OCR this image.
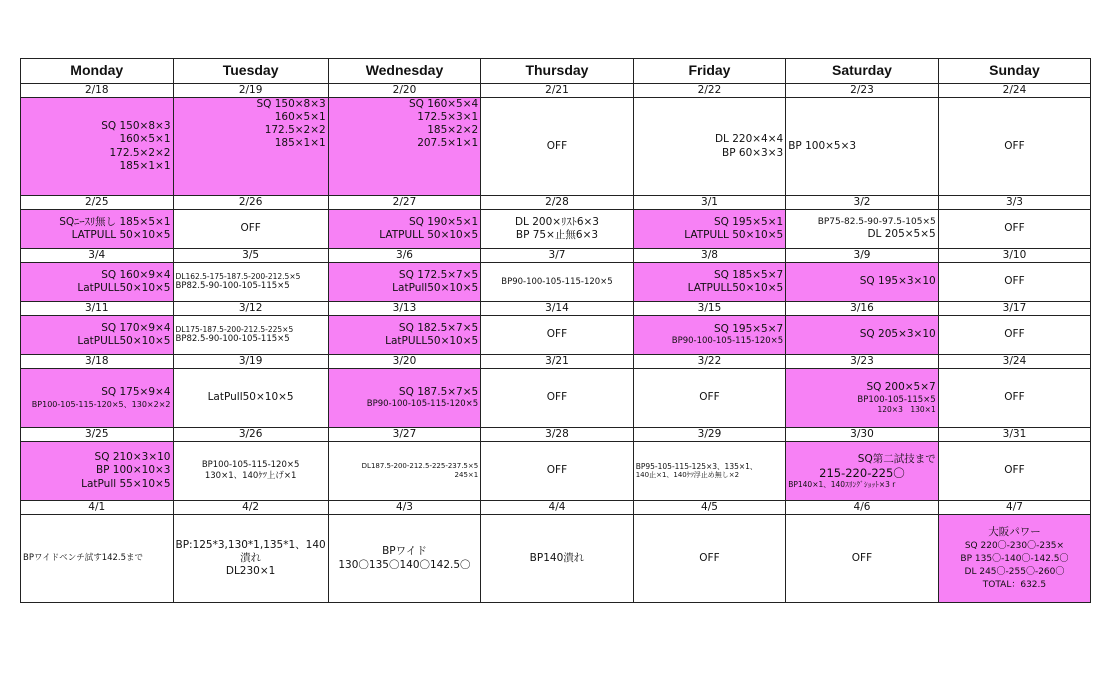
Monday	Tuesday	Wednesday	Thursday	Friday	Saturday	Sunday
2/18	2/19	2/20	2/21	2/22	2/23	2/24

SQ 150×8×3
160×5×1
172.5×2×2
185×1×1	SQ 150×8×3
160×5×1
172.5×2×2
185×1×1	SQ 160×5×4
172.5×3×1
185×2×2
207.5×1×1	OFF	DL 220×4×4
BP 60×3×3	BP 100×5×3	OFF

2/25	2/26	2/27	2/28	3/1	3/2	3/3

SQﾆｰｽﾘ無し 185×5×1
LATPULL 50×10×5	OFF	SQ 190×5×1
LATPULL 50×10×5	DL 200×ﾘｽﾄ6×3
BP 75×止無6×3	SQ 195×5×1
LATPULL 50×10×5	BP75-82.5-90-97.5-105×5
DL 205×5×5	OFF

3/4	3/5	3/6	3/7	3/8	3/9	3/10

SQ 160×9×4
LatPULL50×10×5	DL162.5-175-187.5-200-212.5×5
BP82.5-90-100-105-115×5	SQ 172.5×7×5
LatPull50×10×5	BP90-100-105-115-120×5	SQ 185×5×7
LATPULL50×10×5	SQ 195×3×10	OFF

3/11	3/12	3/13	3/14	3/15	3/16	3/17

SQ 170×9×4
LatPULL50×10×5	DL175-187.5-200-212.5-225×5
BP82.5-90-100-105-115×5	SQ 182.5×7×5
LatPULL50×10×5	OFF	SQ 195×5×7
BP90-100-105-115-120×5	SQ 205×3×10	OFF

3/18	3/19	3/20	3/21	3/22	3/23	3/24

SQ 175×9×4
BP100-105-115-120×5、130×2×2	LatPull50×10×5	SQ 187.5×7×5
BP90-100-105-115-120×5	OFF	OFF	SQ 200×5×7
BP100-105-115×5
120×3　130×1	OFF

3/25	3/26	3/27	3/28	3/29	3/30	3/31

SQ 210×3×10
BP 100×10×3
LatPull 55×10×5	BP100-105-115-120×5
130×1、140ｹﾂ上げ×1	DL187.5-200-212.5-225-237.5×5
245×1	OFF	BP95-105-115-125×3、135×1、
140止×1、140ｹﾂ浮止め無し×2	SQ第二試技まで
215-220-225〇
BP140×1、140ｽﾘﾝｸﾞｼｮｯﾄ×3 r	OFF

4/1	4/2	4/3	4/4	4/5	4/6	4/7

BPワイドベンチ試す142.5まで	BP:125*3,130*1,135*1、140
潰れ
DL230×1	BPワイド
130〇135〇140〇142.5〇	BP140潰れ	OFF	OFF	大阪パワー
SQ 220〇-230〇-235×
BP 135〇-140〇-142.5〇
DL 245〇-255〇-260〇
TOTAL：632.5
